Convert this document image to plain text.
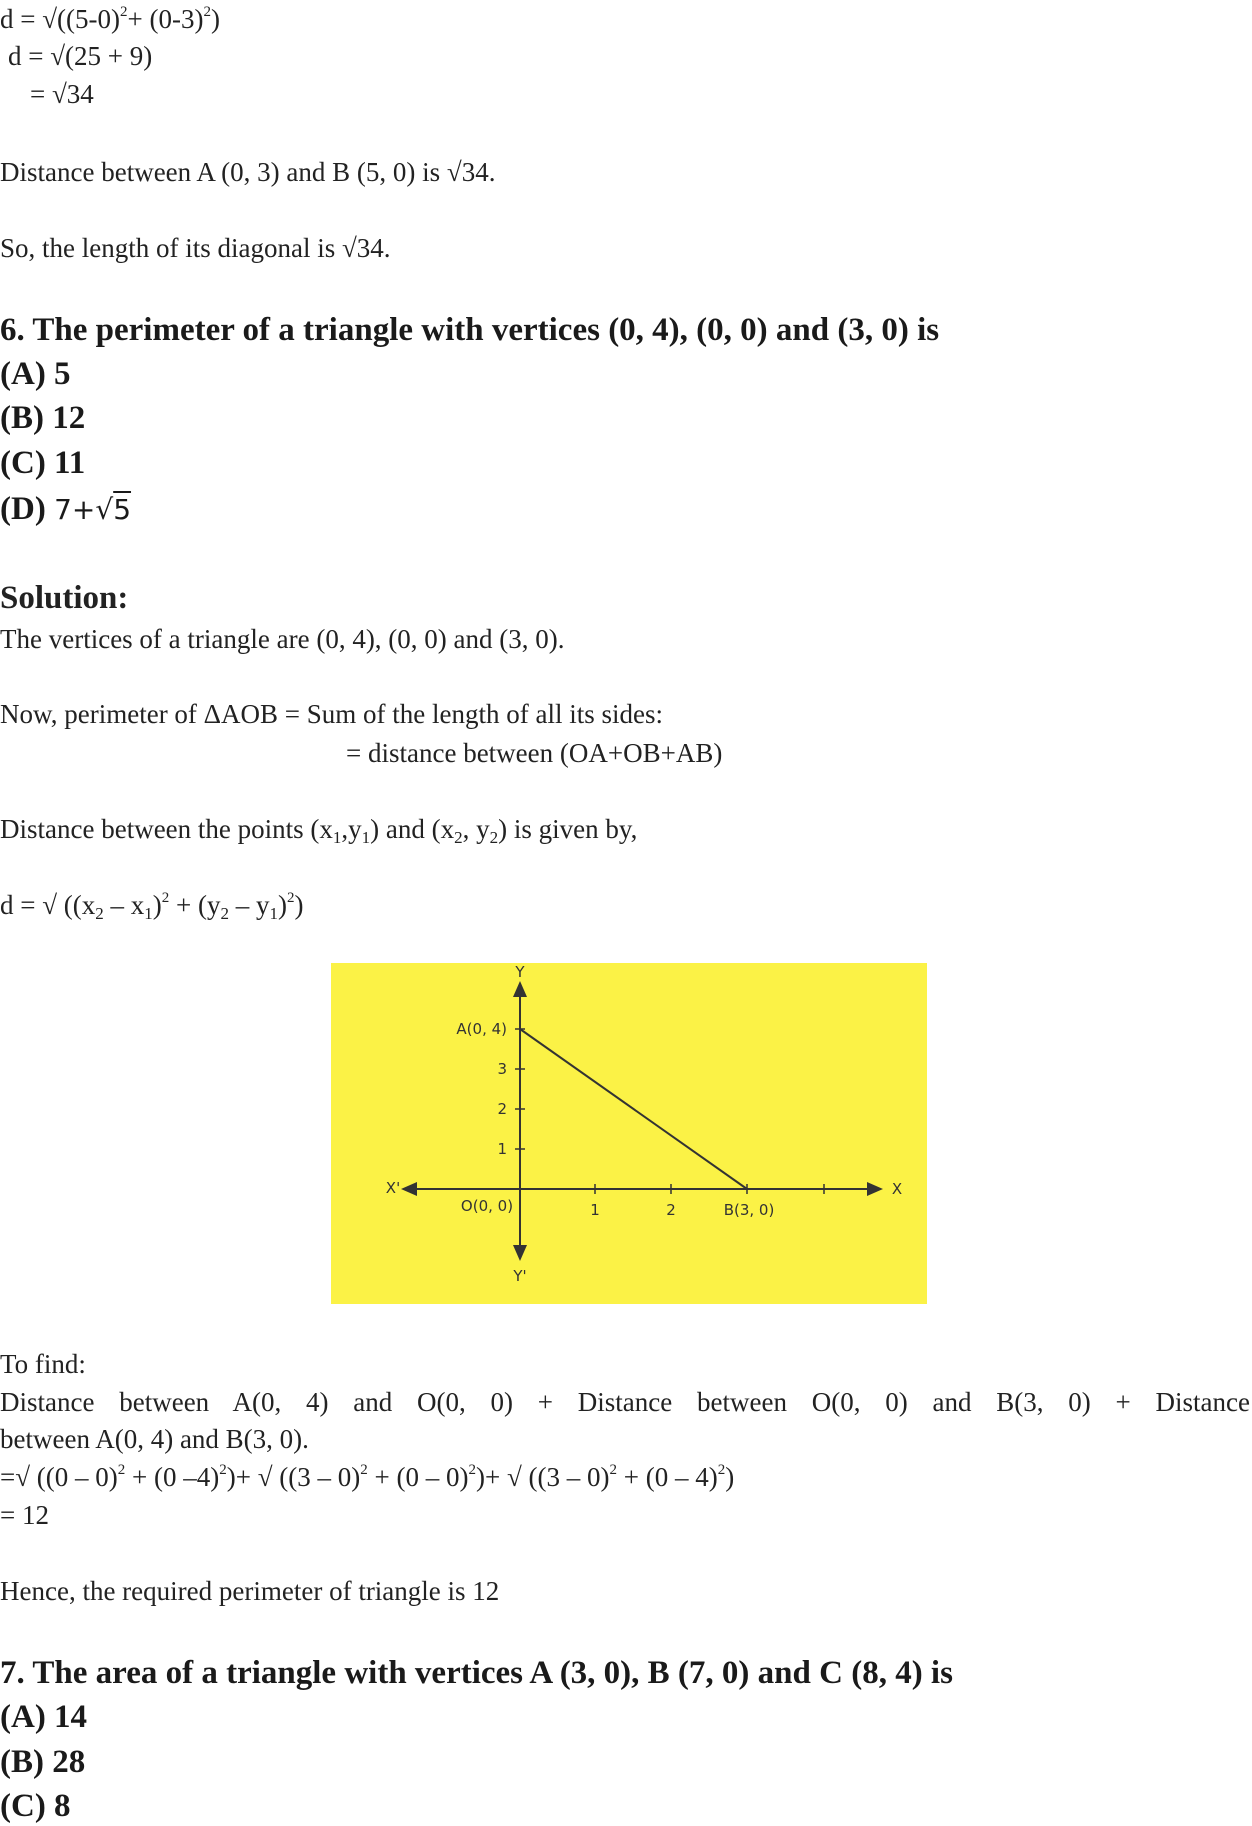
$d = √((5-0)^2+ (0-3)^2)$
d = √(25 + 9)
= √34
Distance between A (0, 3) and B (5, 0) is √34.
So, the length of its diagonal is √34.
6. The perimeter of a triangle with vertices (0, 4), (0, 0) and (3, 0) is
(A) 5
(B) 12
(C) 11
(D) 7+√5
Solution:
The vertices of a triangle are (0, 4), (0, 0) and (3, 0).
Now, perimeter of ΔAOB = Sum of the length of all its sides:
= distance between (OA+OB+AB)
Distance between the points $(x_1,y_1)$ and ($x_2$, $y_2$) is given by,
d = √ $((x_2 - x_1)^2 + (y_2 - y_1)^2)$
Y
Y'
X
X'
A(0, 4)
3
2
1
O(0, 0)	1	2	B(3, 0)
To find:
Distance between A(0, 4) and O(0, 0) + Distance between O(0, 0) and B(3, 0) + Distance
between A(0, 4) and B(3, 0).
=√ ((0 – 0)$^2$ + (0 –4)$^2$)+ √ ((3 – 0)$^2$ + (0 – 0)$^2$)+ √ ((3 – 0)$^2$ + (0 – 4)$^2$)
= 12
Hence, the required perimeter of triangle is 12
7. The area of a triangle with vertices A (3, 0), B (7, 0) and C (8, 4) is
(A) 14
(B) 28
(C) 8
